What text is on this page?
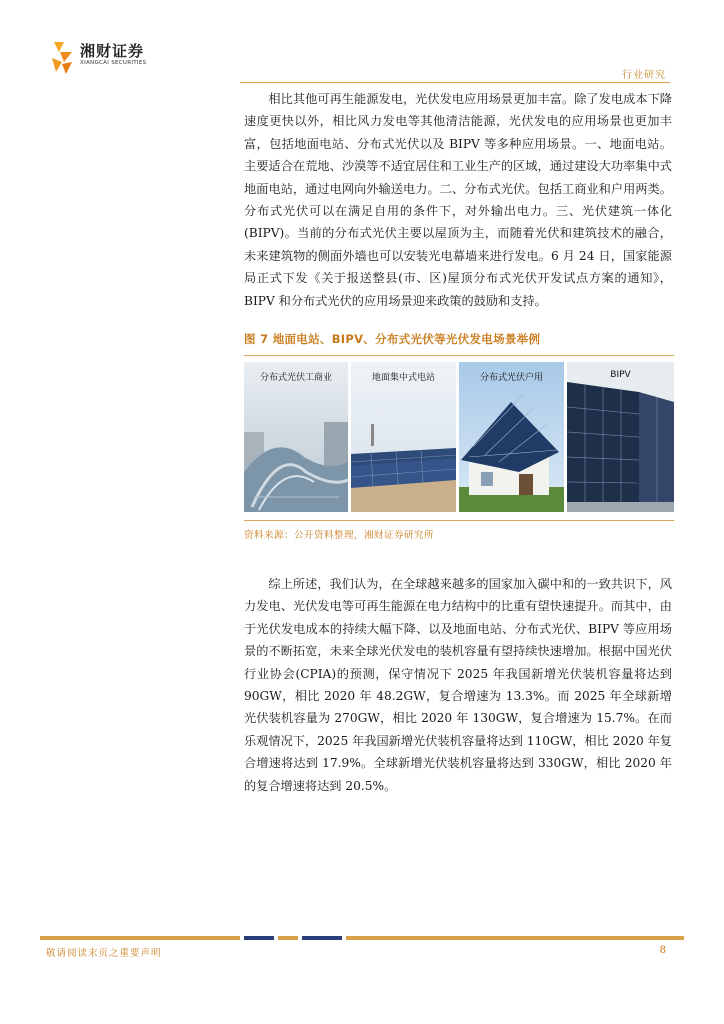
湘财证券
XIANGCAI SECURITIES
行业研究

相比其他可再生能源发电，光伏发电应用场景更加丰富。除了发电成本下降速度更快以外，相比风力发电等其他清洁能源，光伏发电的应用场景也更加丰富，包括地面电站、分布式光伏以及 BIPV 等多种应用场景。一、地面电站。主要适合在荒地、沙漠等不适宜居住和工业生产的区域，通过建设大功率集中式地面电站，通过电网向外输送电力。二、分布式光伏。包括工商业和户用两类。分布式光伏可以在满足自用的条件下，对外输出电力。三、光伏建筑一体化(BIPV)。当前的分布式光伏主要以屋顶为主，而随着光伏和建筑技术的融合，未来建筑物的侧面外墙也可以安装光电幕墙来进行发电。6 月 24 日，国家能源局正式下发《关于报送整县(市、区)屋顶分布式光伏开发试点方案的通知》，BIPV 和分布式光伏的应用场景迎来政策的鼓励和支持。

图 7 地面电站、BIPV、分布式光伏等光伏发电场景举例
分布式光伏工商业	地面集中式电站	分布式光伏户用	BIPV
资料来源：公开资料整理，湘财证券研究所

综上所述，我们认为，在全球越来越多的国家加入碳中和的一致共识下，风力发电、光伏发电等可再生能源在电力结构中的比重有望快速提升。而其中，由于光伏发电成本的持续大幅下降、以及地面电站、分布式光伏、BIPV 等应用场景的不断拓宽，未来全球光伏发电的装机容量有望持续快速增加。根据中国光伏行业协会(CPIA)的预测，保守情况下 2025 年我国新增光伏装机容量将达到 90GW，相比 2020 年 48.2GW，复合增速为 13.3%。而 2025 年全球新增光伏装机容量为 270GW，相比 2020 年 130GW，复合增速为 15.7%。在而乐观情况下，2025 年我国新增光伏装机容量将达到 110GW，相比 2020 年复合增速将达到 17.9%。全球新增光伏装机容量将达到 330GW，相比 2020 年的复合增速将达到 20.5%。

敬请阅读末页之重要声明	8
